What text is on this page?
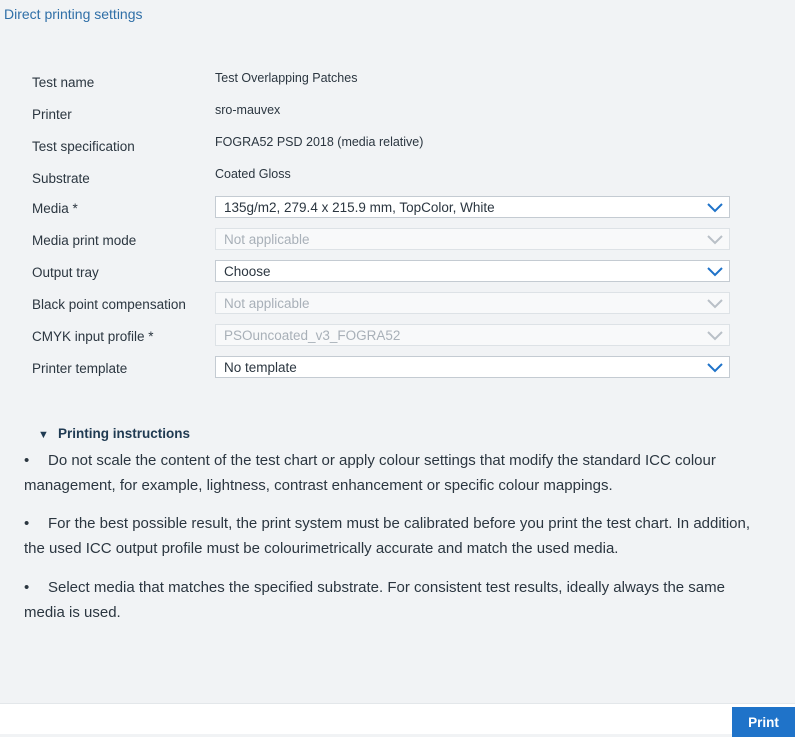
Direct printing settings
Test name	Test Overlapping Patches
Printer	sro-mauvex
Test specification	FOGRA52 PSD 2018 (media relative)
Substrate	Coated Gloss
Media *	135g/m2, 279.4 x 215.9 mm, TopColor, White
Media print mode	Not applicable
Output tray	Choose
Black point compensation	Not applicable
CMYK input profile *	PSOuncoated_v3_FOGRA52
Printer template	No template
▼ Printing instructions
• Do not scale the content of the test chart or apply colour settings that modify the standard ICC colour management, for example, lightness, contrast enhancement or specific colour mappings.
• For the best possible result, the print system must be calibrated before you print the test chart. In addition, the used ICC output profile must be colourimetrically accurate and match the used media.
• Select media that matches the specified substrate. For consistent test results, ideally always the same media is used.
Print
